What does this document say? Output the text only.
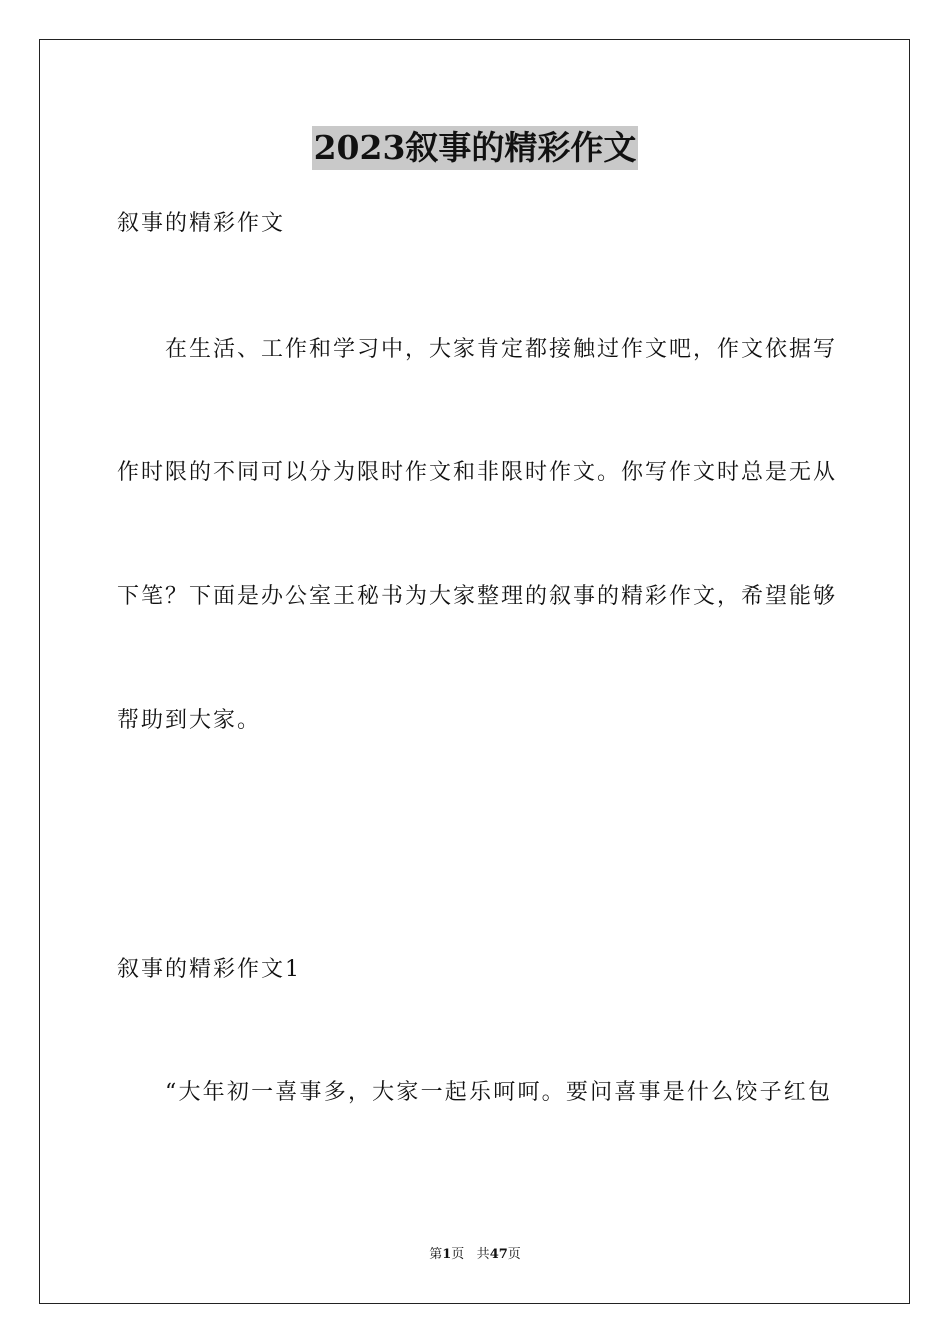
2023叙事的精彩作文
叙事的精彩作文
在生活、工作和学习中，大家肯定都接触过作文吧，作文依据写
作时限的不同可以分为限时作文和非限时作文。你写作文时总是无从
下笔？下面是办公室王秘书为大家整理的叙事的精彩作文，希望能够
帮助到大家。
叙事的精彩作文1
“大年初一喜事多，大家一起乐呵呵。要问喜事是什么饺子红包
第1页 共47页
